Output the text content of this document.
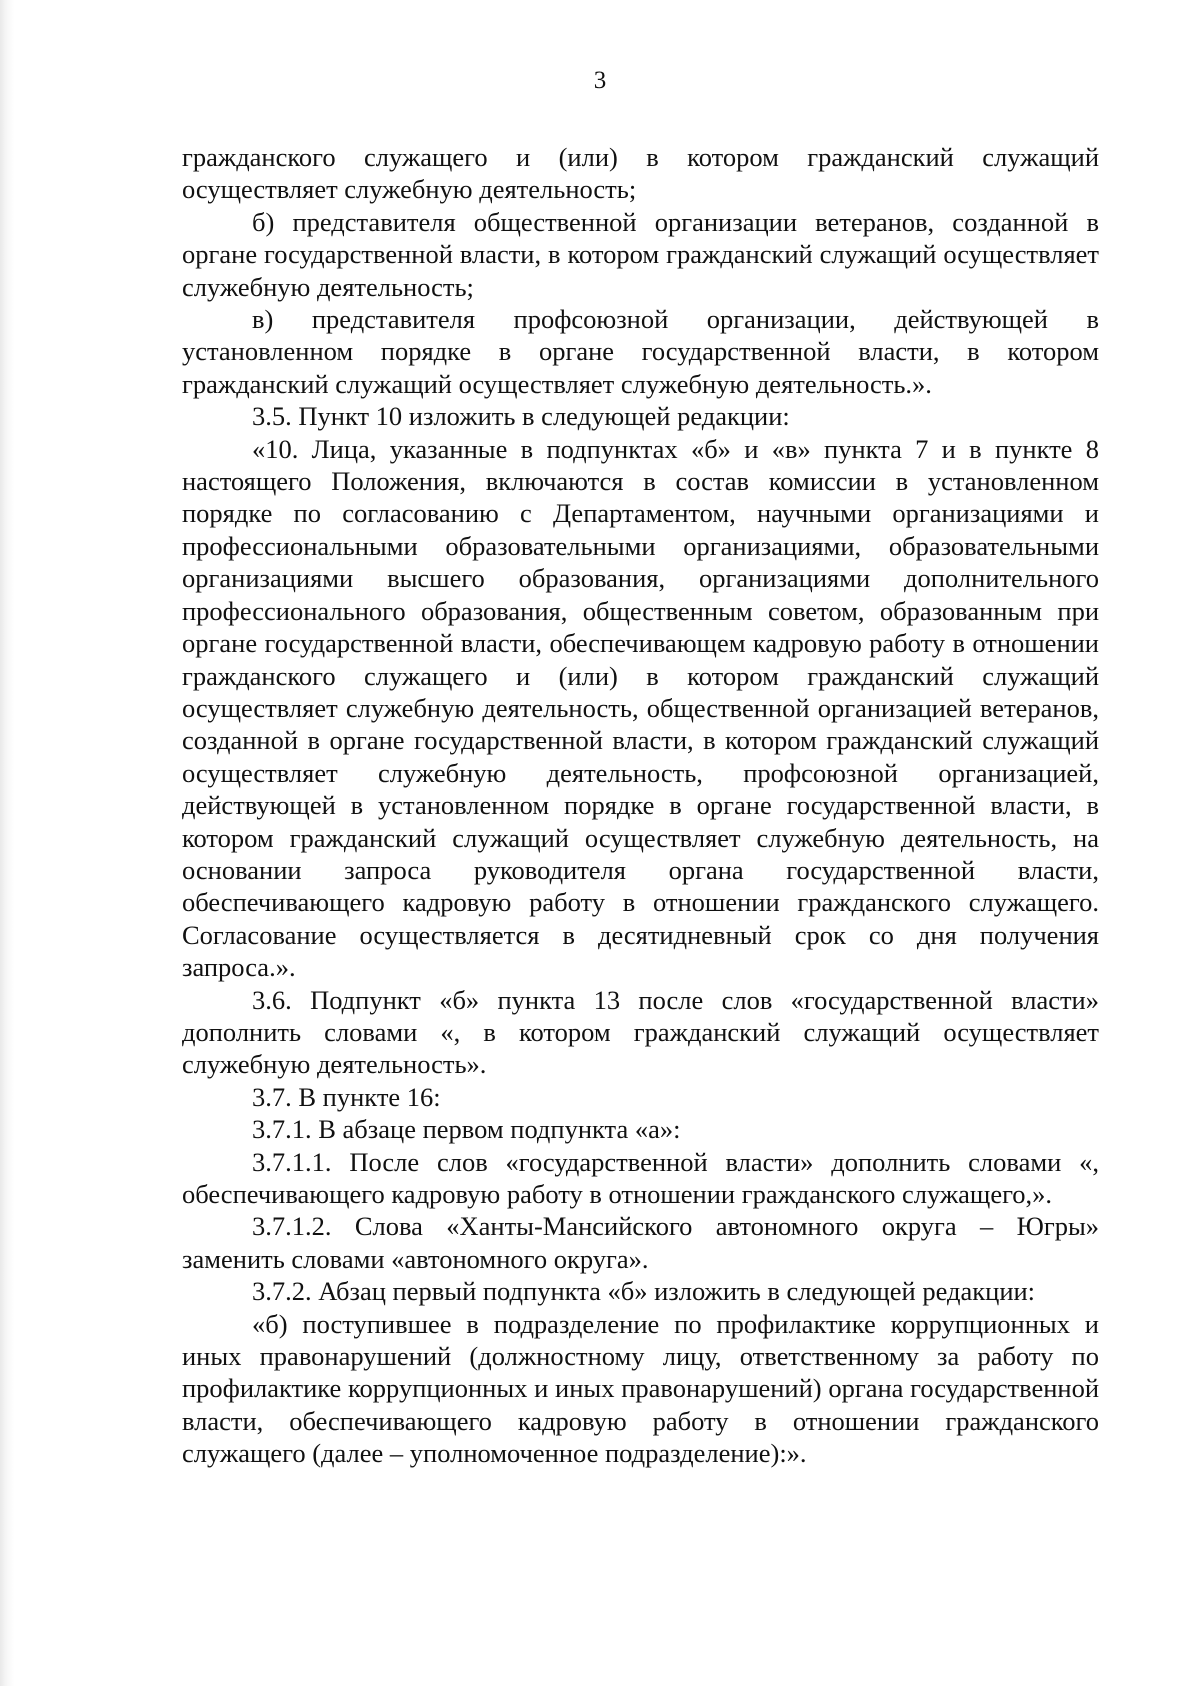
3

гражданского служащего и (или) в котором гражданский служащий осуществляет служебную деятельность;

б) представителя общественной организации ветеранов, созданной в органе государственной власти, в котором гражданский служащий осуществляет служебную деятельность;

в) представителя профсоюзной организации, действующей в установленном порядке в органе государственной власти, в котором гражданский служащий осуществляет служебную деятельность.».

3.5. Пункт 10 изложить в следующей редакции:

«10. Лица, указанные в подпунктах «б» и «в» пункта 7 и в пункте 8 настоящего Положения, включаются в состав комиссии в установленном порядке по согласованию с Департаментом, научными организациями и профессиональными образовательными организациями, образовательными организациями высшего образования, организациями дополнительного профессионального образования, общественным советом, образованным при органе государственной власти, обеспечивающем кадровую работу в отношении гражданского служащего и (или) в котором гражданский служащий осуществляет служебную деятельность, общественной организацией ветеранов, созданной в органе государственной власти, в котором гражданский служащий осуществляет служебную деятельность, профсоюзной организацией, действующей в установленном порядке в органе государственной власти, в котором гражданский служащий осуществляет служебную деятельность, на основании запроса руководителя органа государственной власти, обеспечивающего кадровую работу в отношении гражданского служащего. Согласование осуществляется в десятидневный срок со дня получения запроса.».

3.6. Подпункт «б» пункта 13 после слов «государственной власти» дополнить словами «, в котором гражданский служащий осуществляет служебную деятельность».

3.7. В пункте 16:

3.7.1. В абзаце первом подпункта «а»:

3.7.1.1. После слов «государственной власти» дополнить словами «, обеспечивающего кадровую работу в отношении гражданского служащего,».

3.7.1.2. Слова «Ханты-Мансийского автономного округа – Югры» заменить словами «автономного округа».

3.7.2. Абзац первый подпункта «б» изложить в следующей редакции:

«б) поступившее в подразделение по профилактике коррупционных и иных правонарушений (должностному лицу, ответственному за работу по профилактике коррупционных и иных правонарушений) органа государственной власти, обеспечивающего кадровую работу в отношении гражданского служащего (далее – уполномоченное подразделение):».
